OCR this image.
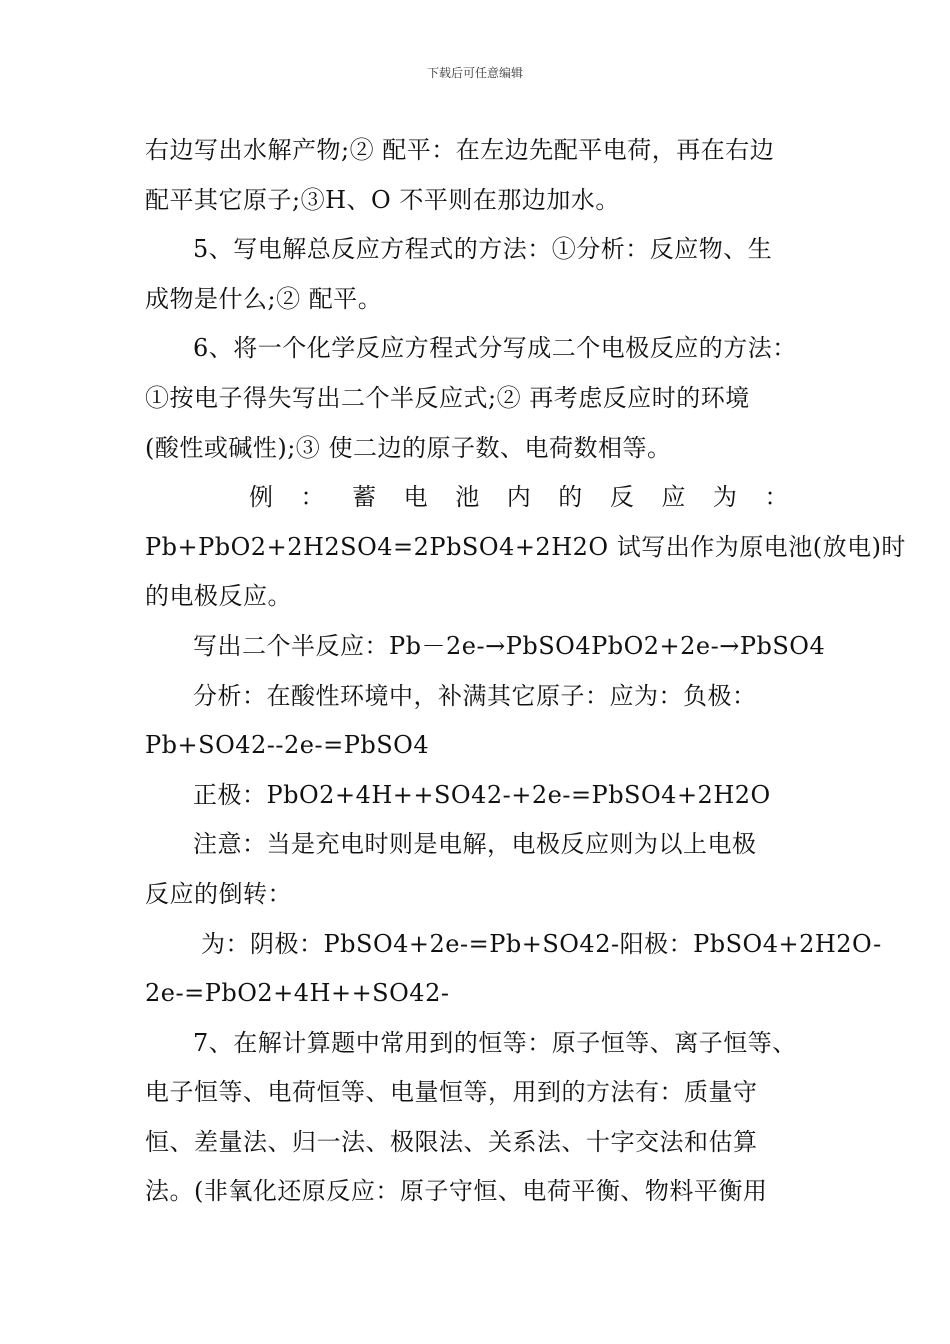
下载后可任意编辑
右边写出水解产物;② 配平：在左边先配平电荷，再在右边
配平其它原子;③H、O 不平则在那边加水。
5、写电解总反应方程式的方法：①分析：反应物、生
成物是什么;② 配平。
6、将一个化学反应方程式分写成二个电极反应的方法：
①按电子得失写出二个半反应式;② 再考虑反应时的环境
(酸性或碱性);③ 使二边的原子数、电荷数相等。
例 ： 蓄 电 池 内 的 反 应 为 ：
Pb+PbO2+2H2SO4=2PbSO4+2H2O 试写出作为原电池(放电)时
的电极反应。
写出二个半反应：Pb－2e-→PbSO4PbO2+2e-→PbSO4
分析：在酸性环境中，补满其它原子：应为：负极：
Pb+SO42--2e-=PbSO4
正极：PbO2+4H++SO42-+2e-=PbSO4+2H2O
注意：当是充电时则是电解，电极反应则为以上电极
反应的倒转：
为：阴极：PbSO4+2e-=Pb+SO42-阳极：PbSO4+2H2O-
2e-=PbO2+4H++SO42-
7、在解计算题中常用到的恒等：原子恒等、离子恒等、
电子恒等、电荷恒等、电量恒等，用到的方法有：质量守
恒、差量法、归一法、极限法、关系法、十字交法和估算
法。(非氧化还原反应：原子守恒、电荷平衡、物料平衡用
